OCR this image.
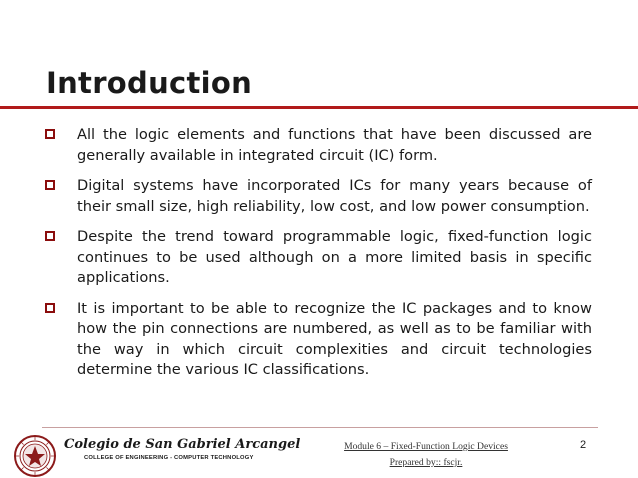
Introduction
All the logic elements and functions that have been discussed are generally available in integrated circuit (IC) form.
Digital systems have incorporated ICs for many years because of their small size, high reliability, low cost, and low power consumption.
Despite the trend toward programmable logic, fixed-function logic continues to be used although on a more limited basis in specific applications.
It is important to be able to recognize the IC packages and to know how the pin connections are numbered, as well as to be familiar with the way in which circuit complexities and circuit technologies determine the various IC classifications.
Colegio de San Gabriel Arcangel
COLLEGE OF ENGINEERING - COMPUTER TECHNOLOGY
Module 6 – Fixed-Function Logic Devices
Prepared by:: fscjr.
2
